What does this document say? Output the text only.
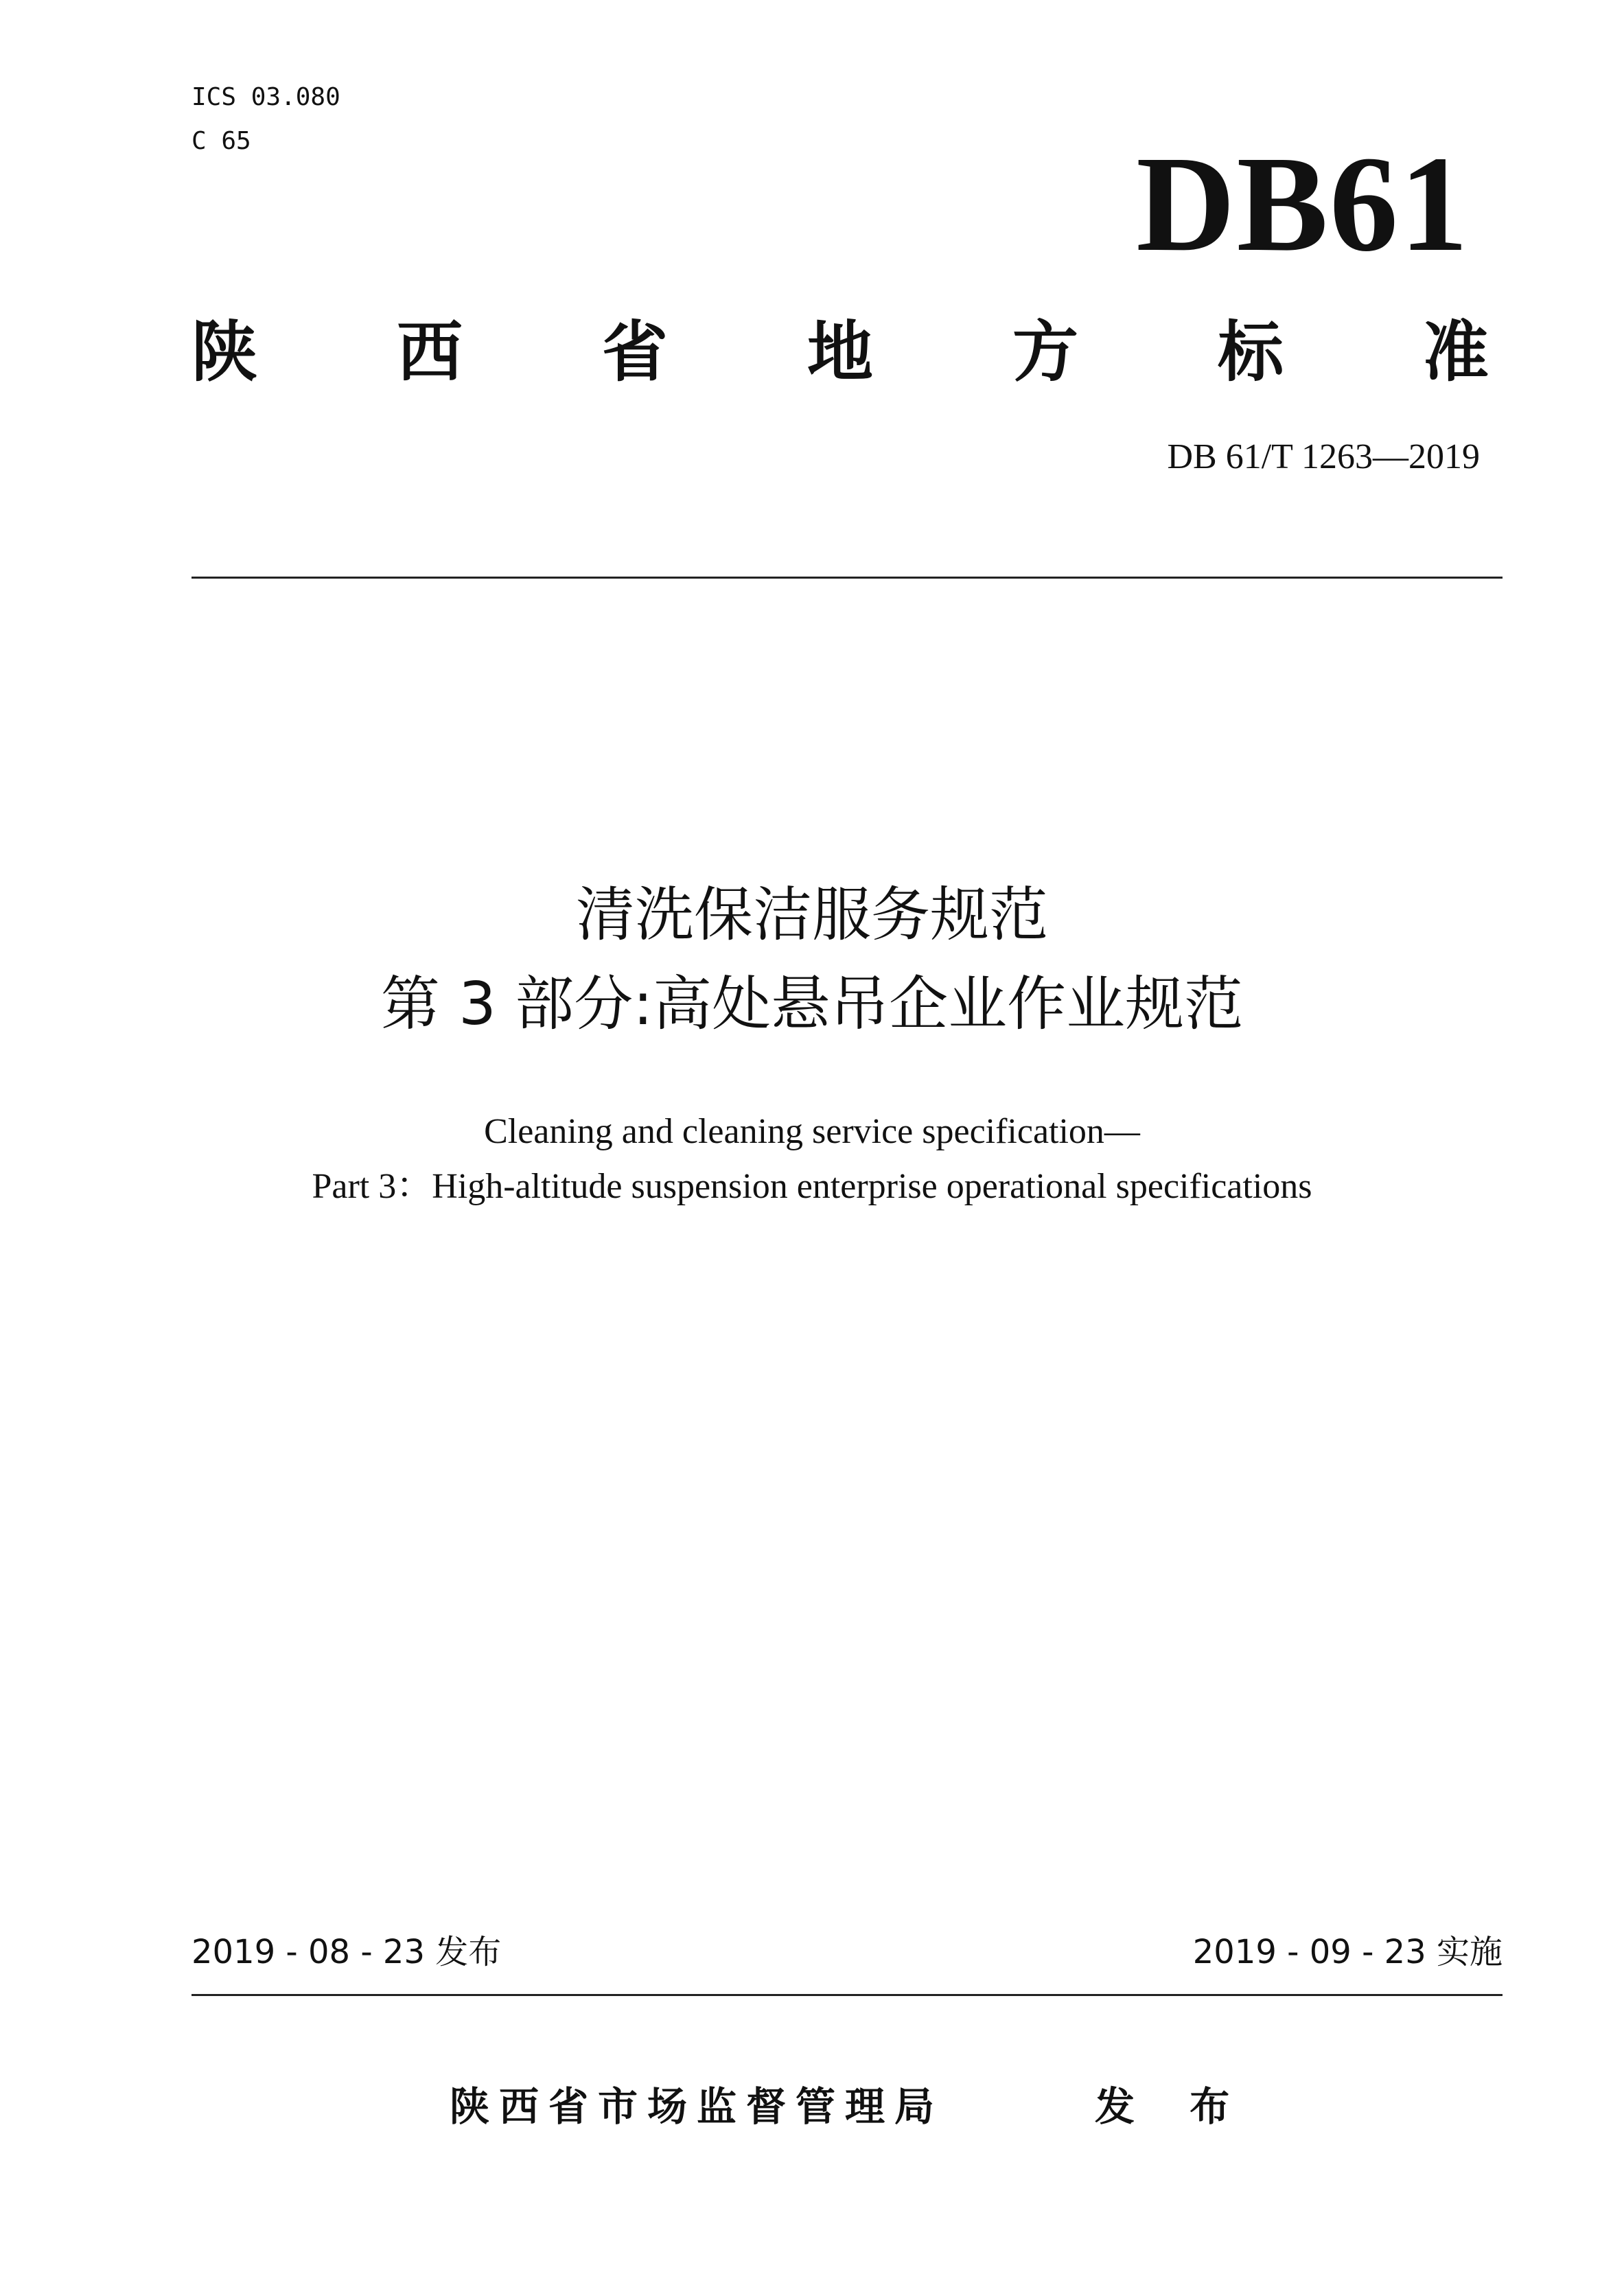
ICS 03.080
C 65	DB61
陕 西 省 地 方 标 准
DB 61/T 1263—2019
清洗保洁服务规范
第 3 部分:高处悬吊企业作业规范
Cleaning and cleaning service specification—
Part 3：High-altitude suspension enterprise operational specifications
2019 - 08 - 23 发布	2019 - 09 - 23 实施
陕西省市场监督管理局	发 布
